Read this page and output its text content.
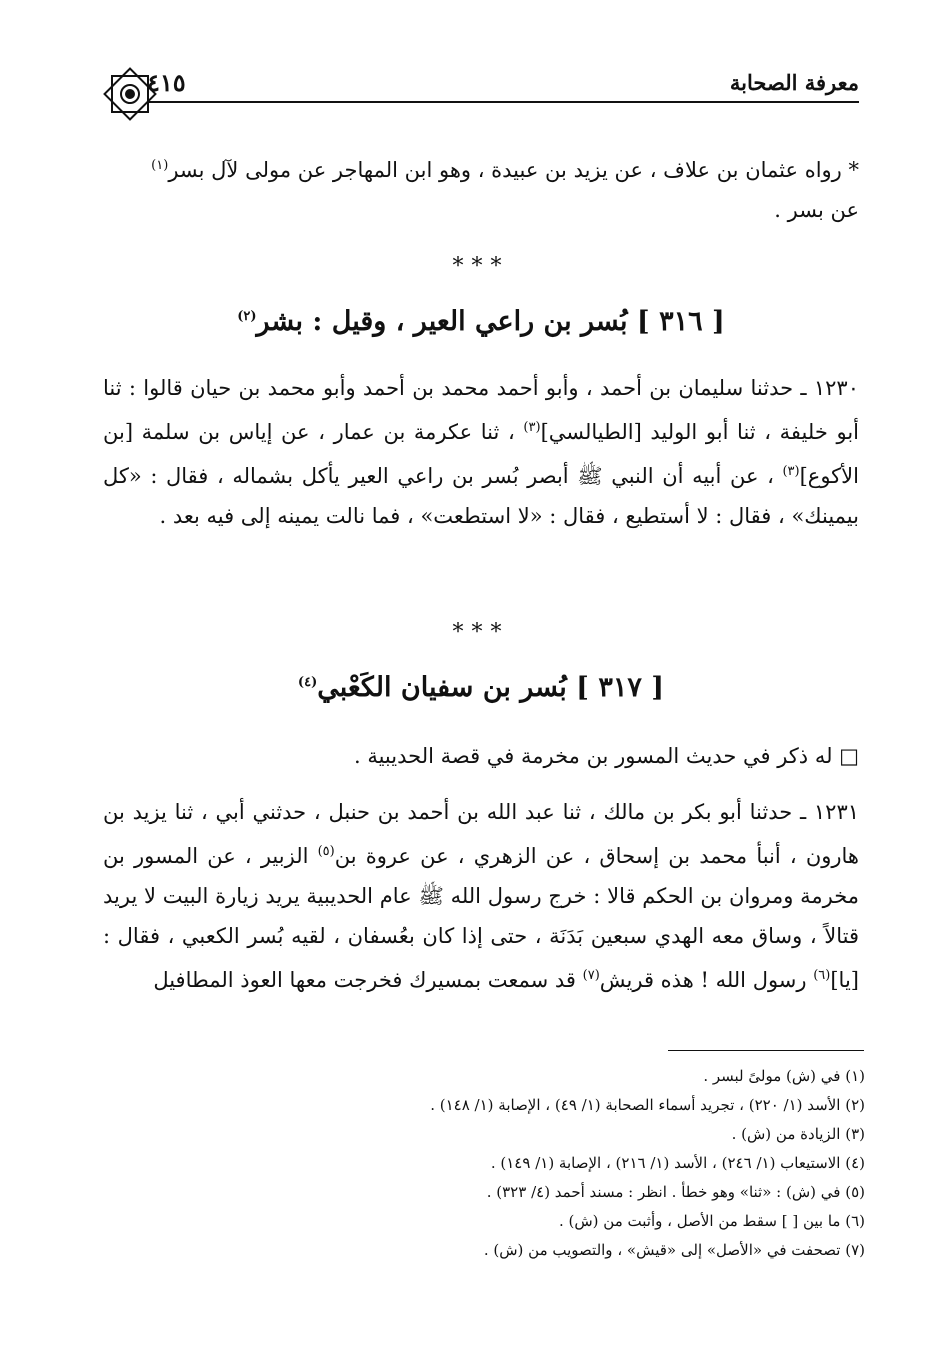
معرفة الصحابة
٤١٥
* رواه عثمان بن علاف ، عن يزيد بن عبيدة ، وهو ابن المهاجر عن مولى لآل بسر$^{(١)}$
عن بسر .
***
[ ٣١٦ ] بُسر بن راعي العير ، وقيل : بشر$^{(٢)}$
١٢٣٠ ـ حدثنا سليمان بن أحمد ، وأبو أحمد محمد بن أحمد وأبو محمد بن حيان قالوا : ثنا أبو خليفة ، ثنا أبو الوليد [الطيالسي]$^{(٣)}$ ، ثنا عكرمة بن عمار ، عن إياس بن سلمة [بن الأكوع]$^{(٣)}$ ، عن أبيه أن النبي ﷺ أبصر بُسر بن راعي العير يأكل بشماله ، فقال : «كل بيمينك» ، فقال : لا أستطيع ، فقال : «لا استطعت» ، فما نالت يمينه إلى فيه بعد .
***
[ ٣١٧ ] بُسر بن سفيان الكَعْبي$^{(٤)}$
□ له ذكر في حديث المسور بن مخرمة في قصة الحديبية .
١٢٣١ ـ حدثنا أبو بكر بن مالك ، ثنا عبد الله بن أحمد بن حنبل ، حدثني أبي ، ثنا يزيد بن هارون ، أنبأ محمد بن إسحاق ، عن الزهري ، عن عروة بن$^{(٥)}$ الزبير ، عن المسور بن مخرمة ومروان بن الحكم قالا : خرج رسول الله ﷺ عام الحديبية يريد زيارة البيت لا يريد قتالاً ، وساق معه الهدي سبعين بَدَنَة ، حتى إذا كان بعُسفان ، لقيه بُسر الكعبي ، فقال : [يا]$^{(٦)}$ رسول الله ! هذه قريش$^{(٧)}$ قد سمعت بمسيرك فخرجت معها العوذ المطافيل
(١) في (ش) مولىً لبسر .
(٢) الأسد (١/ ٢٢٠) ، تجريد أسماء الصحابة (١/ ٤٩) ، الإصابة (١/ ١٤٨) .
(٣) الزيادة من (ش) .
(٤) الاستيعاب (١/ ٢٤٦) ، الأسد (١/ ٢١٦) ، الإصابة (١/ ١٤٩) .
(٥) في (ش) : «ثنا» وهو خطأ . انظر : مسند أحمد (٤/ ٣٢٣) .
(٦) ما بين [ ] سقط من الأصل ، وأثبت من (ش) .
(٧) تصحفت في «الأصل» إلى «قيش» ، والتصويب من (ش) .
